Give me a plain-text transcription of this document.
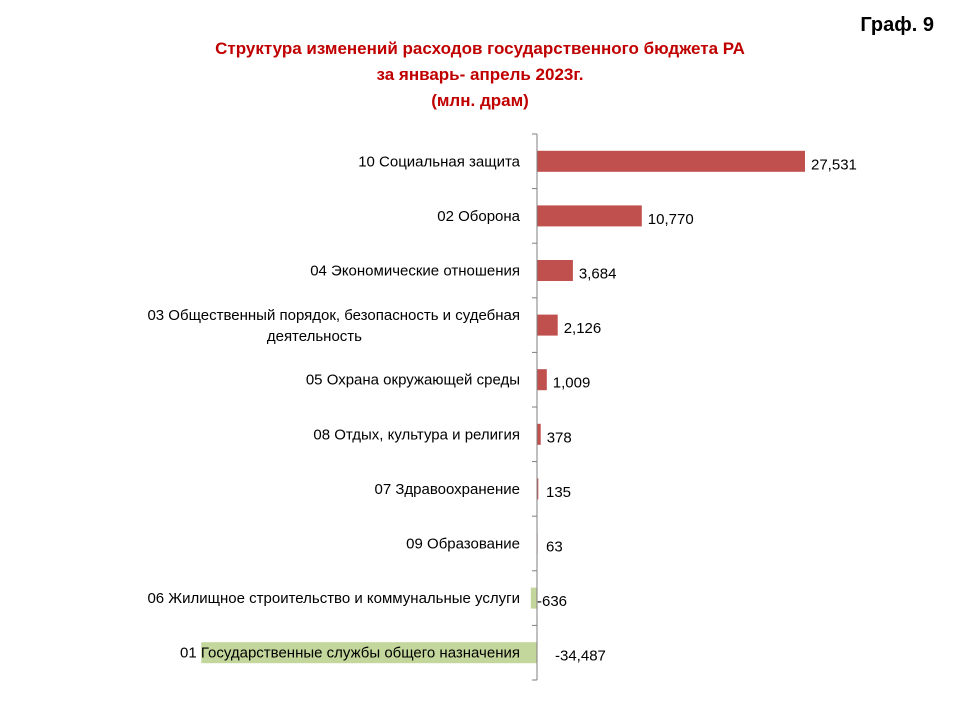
Граф. 9
Структура изменений расходов государственного бюджета РА
за январь- апрель 2023г.
(млн. драм)
10 Социальная защита
02 Оборона
04 Экономические отношения
03 Общественный порядок, безопасность и судебная деятельность
05 Охрана окружающей среды
08 Отдых, культура и религия
07 Здравоохранение
09 Образование
06 Жилищное строительство и коммунальные услуги
01 Государственные службы общего назначения
27,531
10,770
3,684
2,126
1,009
378
135
63
-636
-34,487
